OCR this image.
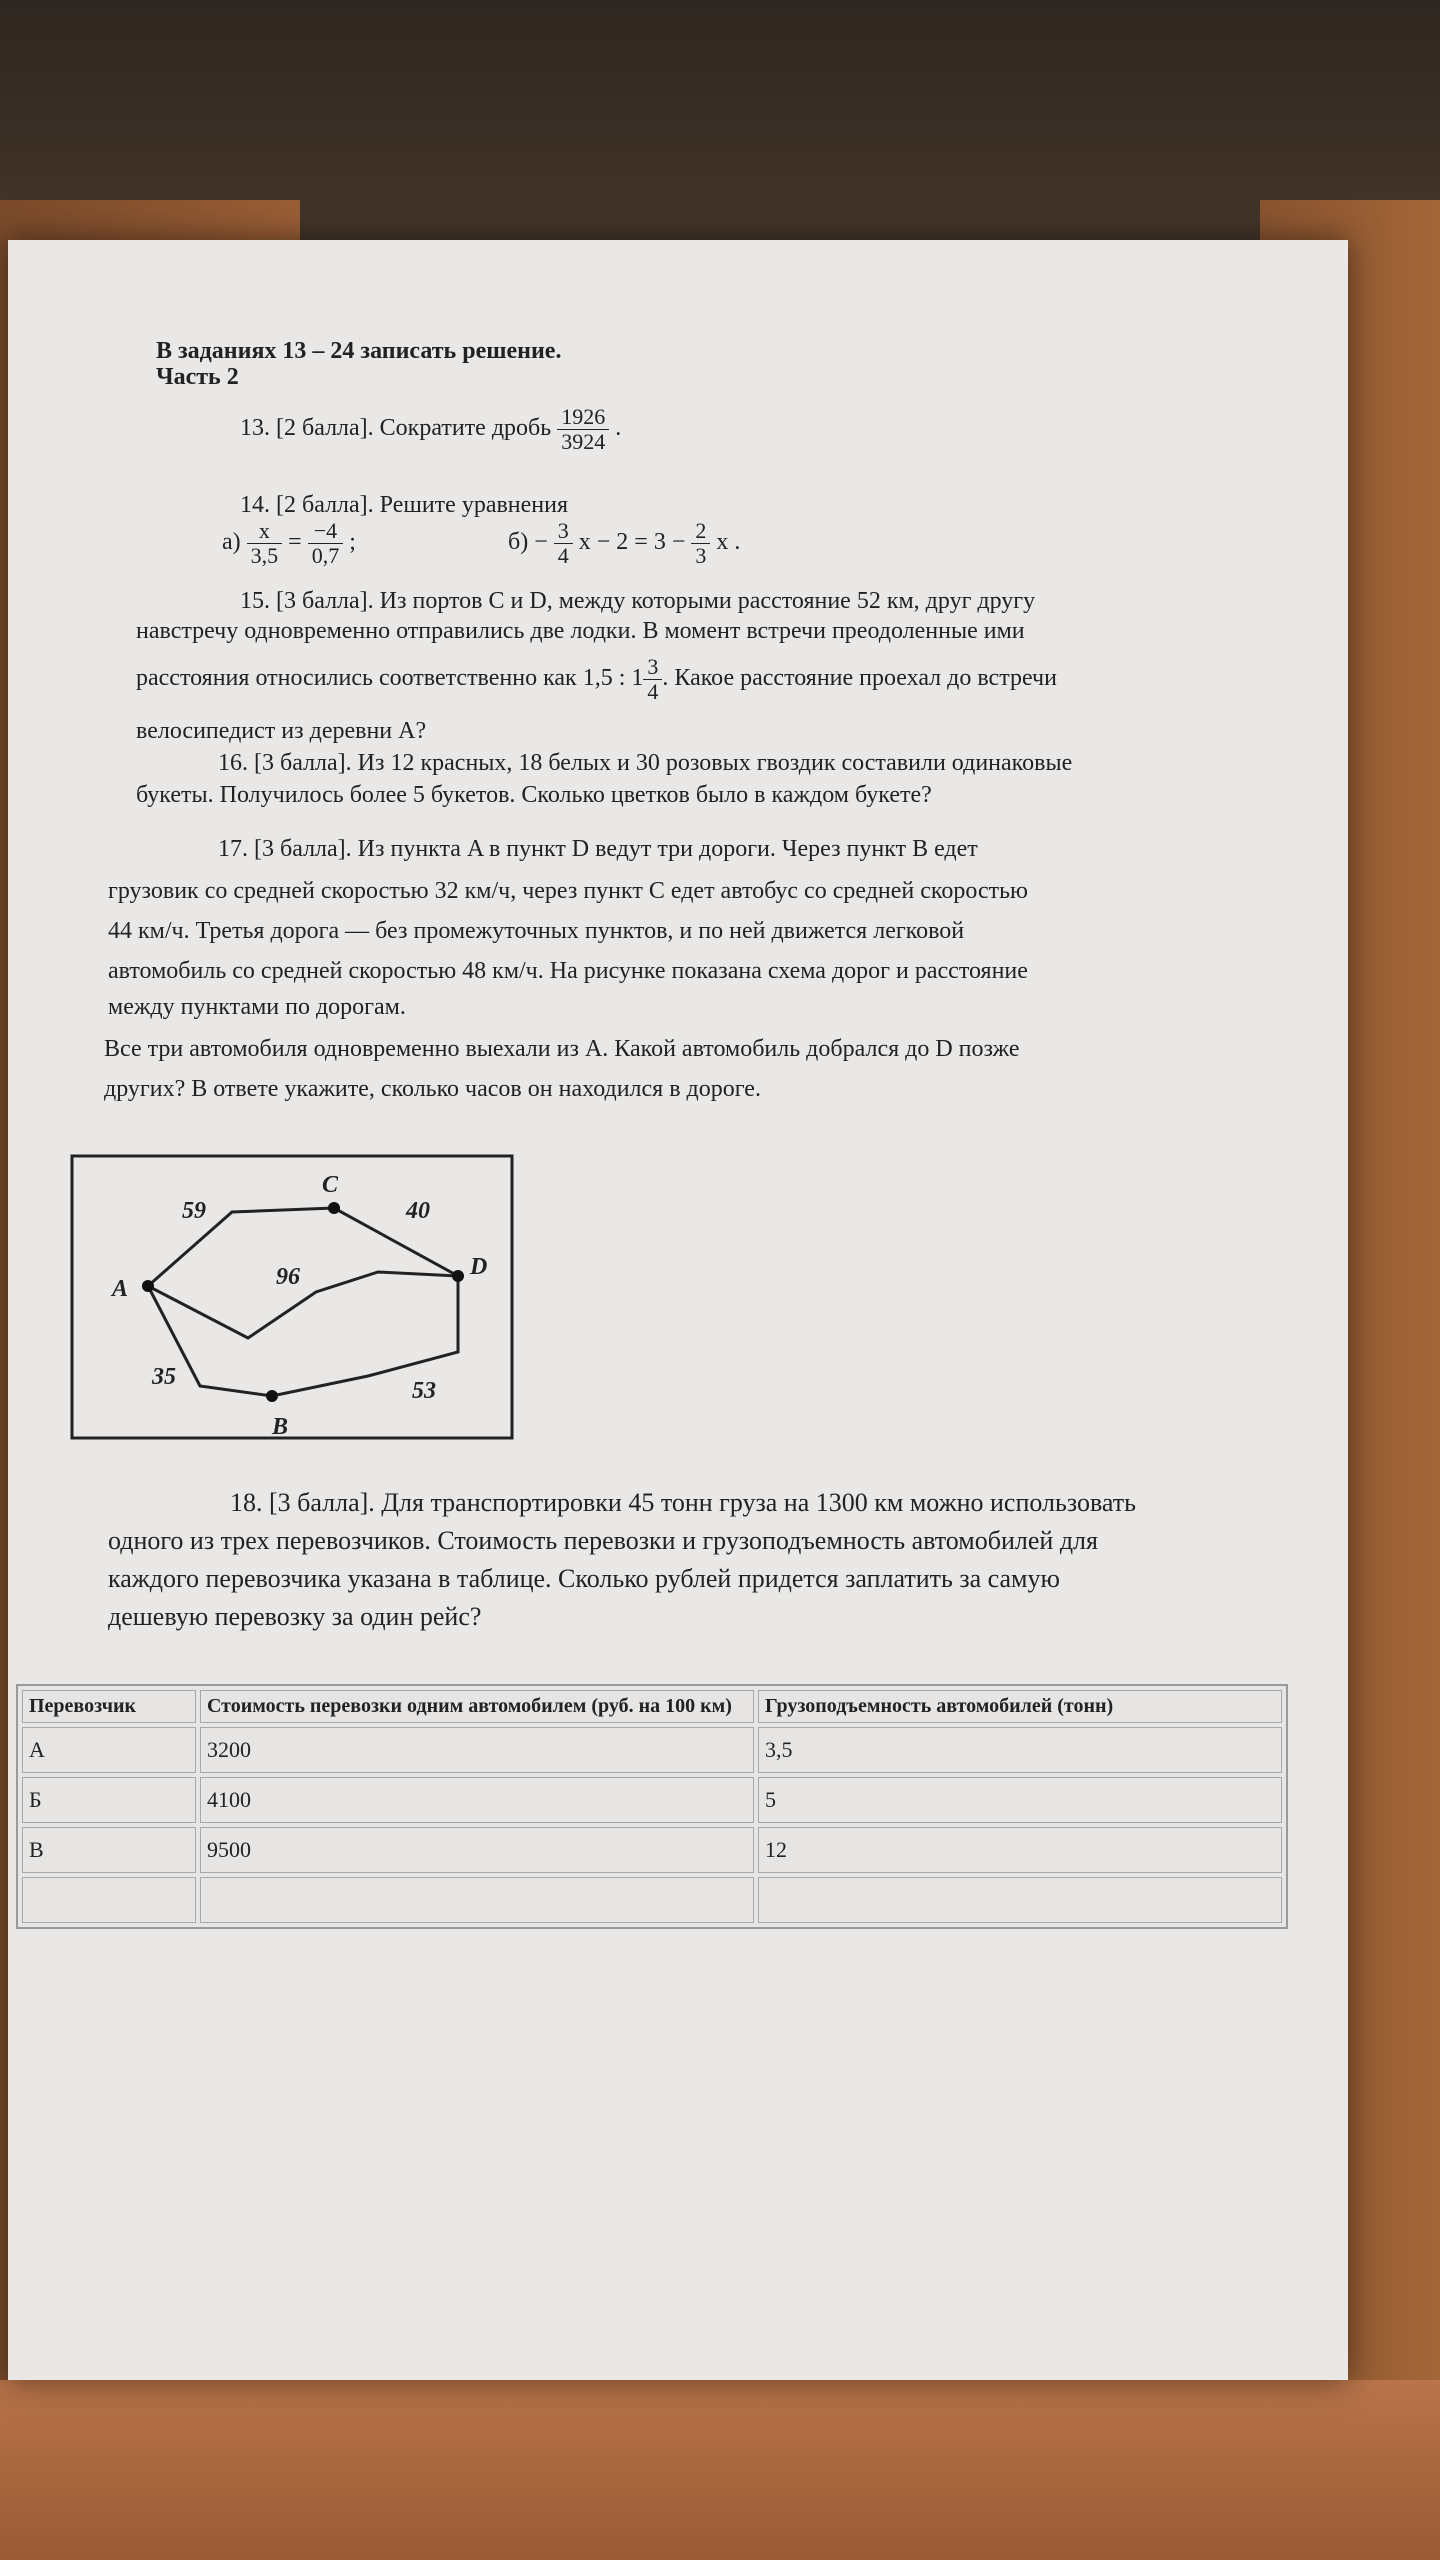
В заданиях 13 – 24 записать решение.
Часть 2
13. [2 балла]. Сократите дробь $\frac{1926}{3924}$ .
14. [2 балла]. Решите уравнения
$а) \frac{x}{3,5} = \frac{-4}{0,7}$ ;	$б) - \frac{3}{4}$ $x - 2 = 3 - \frac{2}{3}$ x .
15. [3 балла]. Из портов C и D, между которыми расстояние 52 км, друг другу
навстречу одновременно отправились две лодки. В момент встречи преодоленные ими
расстояния относились соответственно как 1,5 : $1 \frac{3}{4}$ . Какое расстояние проехал до встречи
велосипедист из деревни A?
16. [3 балла]. Из 12 красных, 18 белых и 30 розовых гвоздик составили одинаковые
букеты. Получилось более 5 букетов. Сколько цветков было в каждом букете?
17. [3 балла]. Из пункта A в пункт D ведут три дороги. Через пункт B едет
грузовик со средней скоростью 32 км/ч, через пункт C едет автобус со средней скоростью
44 км/ч. Третья дорога — без промежуточных пунктов, и по ней движется легковой
автомобиль со средней скоростью 48 км/ч. На рисунке показана схема дорог и расстояние
между пунктами по дорогам.
Все три автомобиля одновременно выехали из A. Какой автомобиль добрался до D позже
других? В ответе укажите, сколько часов он находился в дороге.
A
C
D
B
59	40
96
35
53
18. [3 балла]. Для транспортировки 45 тонн груза на 1300 км можно использовать
одного из трех перевозчиков. Стоимость перевозки и грузоподъемность автомобилей для
каждого перевозчика указана в таблице. Сколько рублей придется заплатить за самую
дешевую перевозку за один рейс?
Перевозчик	Стоимость перевозки одним автомобилем (руб. на 100 км)	Грузоподъемность автомобилей (тонн)
А	3200	3,5
Б	4100	5
В	9500	12
